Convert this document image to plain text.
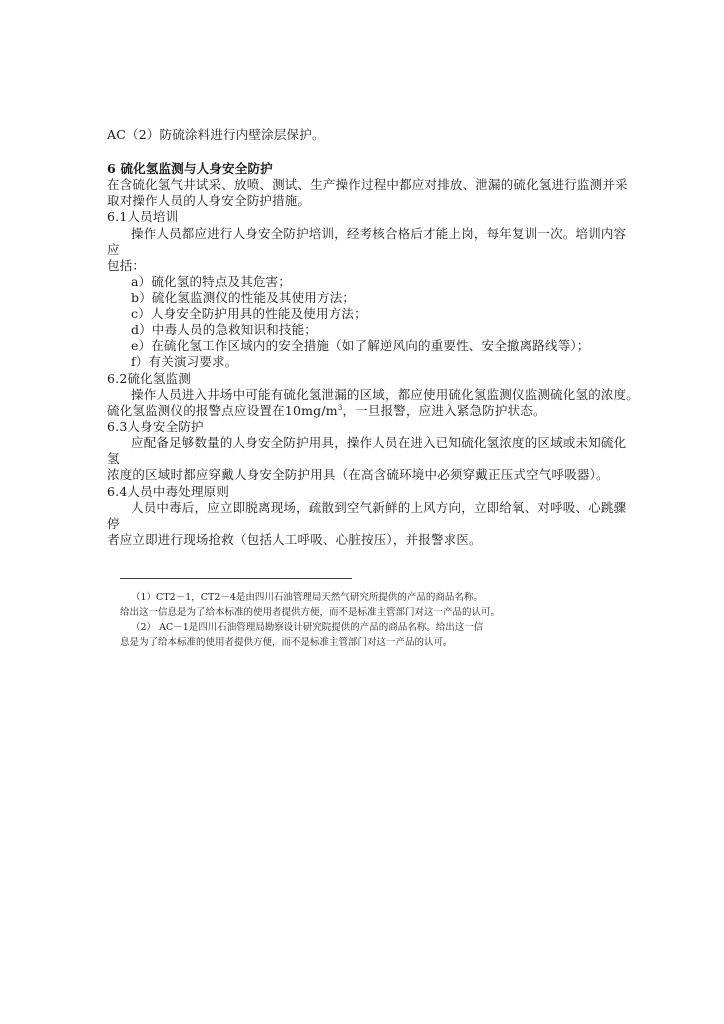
AC（2）防硫涂料进行内壁涂层保护。
6 硫化氢监测与人身安全防护
在含硫化氢气井试采、放喷、测试、生产操作过程中都应对排放、泄漏的硫化氢进行监测并采
取对操作人员的人身安全防护措施。
6.1人员培训
操作人员都应进行人身安全防护培训，经考核合格后才能上岗，每年复训一次。培训内容
应
包括：
a）硫化氢的特点及其危害；
b）硫化氢监测仪的性能及其使用方法；
c）人身安全防护用具的性能及使用方法；
d）中毒人员的急救知识和技能；
e）在硫化氢工作区域内的安全措施（如了解逆风向的重要性、安全撤离路线等）；
f）有关演习要求。
6.2硫化氢监测
操作人员进入井场中可能有硫化氢泄漏的区域，都应使用硫化氢监测仪监测硫化氢的浓度。
硫化氢监测仪的报警点应设置在$10mg/m^3$，一旦报警，应进入紧急防护状态。
6.3人身安全防护
应配备足够数量的人身安全防护用具，操作人员在进入已知硫化氢浓度的区域或未知硫化
氢
浓度的区域时都应穿戴人身安全防护用具（在高含硫环境中必须穿戴正压式空气呼吸器）。
6.4人员中毒处理原则
人员中毒后，应立即脱离现场，疏散到空气新鲜的上风方向，立即给氧、对呼吸、心跳骤
停
者应立即进行现场抢救（包括人工呼吸、心脏按压），并报警求医。
（1）CT2－1，CT2－4是由四川石油管理局天然气研究所提供的产品的商品名称。
给出这一信息是为了给本标准的使用者提供方便，而不是标准主管部门对这一产品的认可。
（2） AC－1是四川石油管理局勘察设计研究院提供的产品的商品名称。给出这一信
息是为了给本标准的使用者提供方便，而不是标准主管部门对这一产品的认可。
